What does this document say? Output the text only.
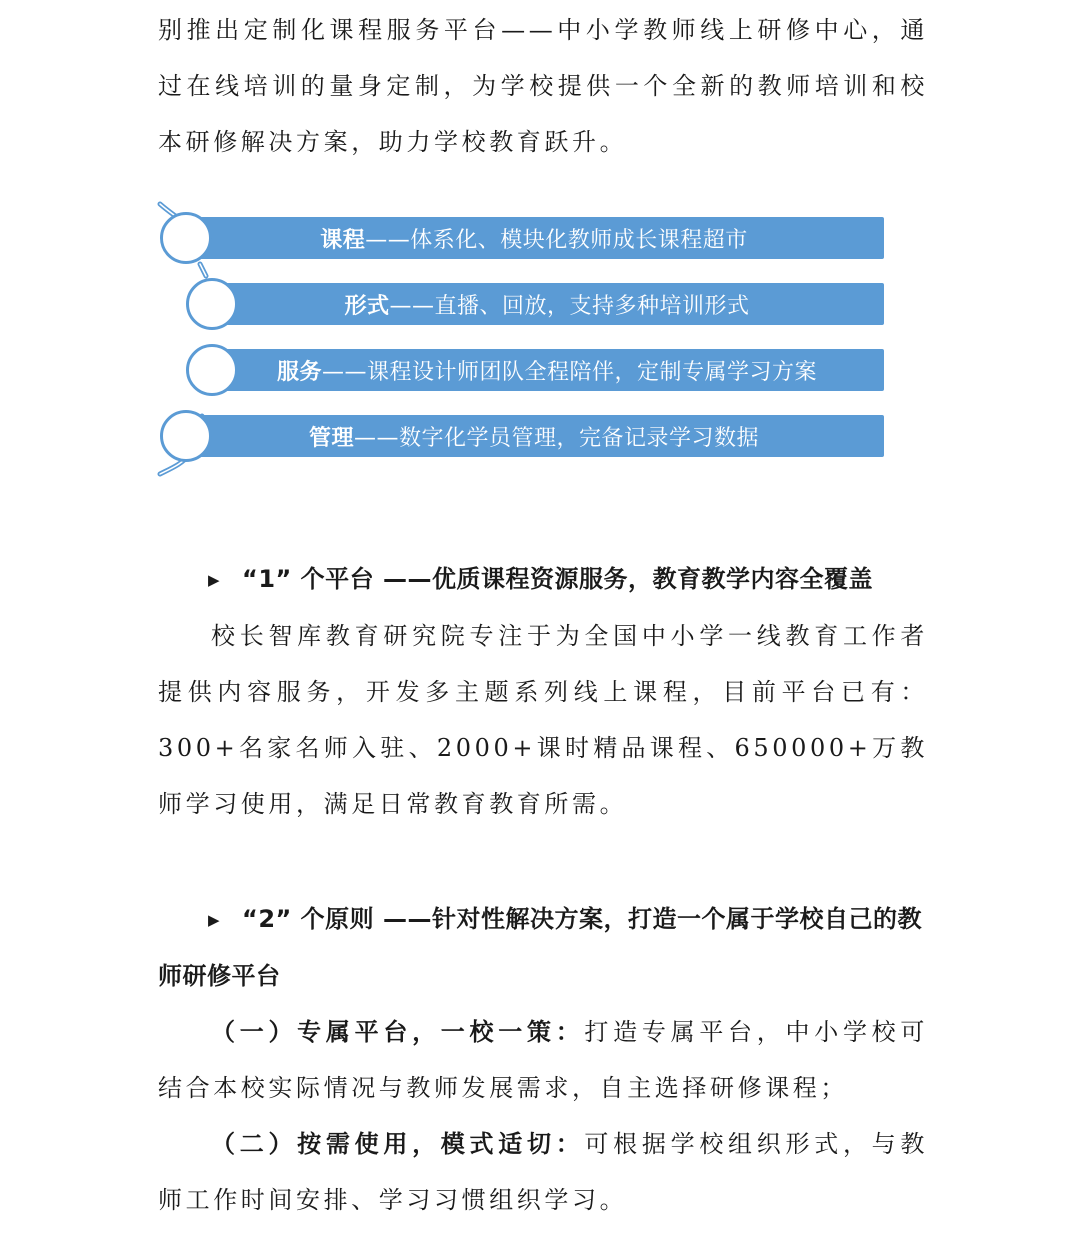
别推出定制化课程服务平台——中小学教师线上研修中心，通过在线培训的量身定制，为学校提供一个全新的教师培训和校本研修解决方案，助力学校教育跃升。

课程 ——体系化、模块化教师成长课程超市
形式 ——直播、回放，支持多种培训形式
服务 ——课程设计师团队全程陪伴，定制专属学习方案
管理 ——数字化学员管理，完备记录学习数据

▶ “1” 个平台 ——优质课程资源服务，教育教学内容全覆盖

校长智库教育研究院专注于为全国中小学一线教育工作者提供内容服务，开发多主题系列线上课程，目前平台已有：300+名家名师入驻、2000+课时精品课程、650000+万教师学习使用，满足日常教育教育所需。

▶ “2” 个原则 ——针对性解决方案，打造一个属于学校自己的教师研修平台

（一）专属平台，一校一策：打造专属平台，中小学校可结合本校实际情况与教师发展需求，自主选择研修课程；

（二）按需使用，模式适切：可根据学校组织形式，与教师工作时间安排、学习习惯组织学习。
